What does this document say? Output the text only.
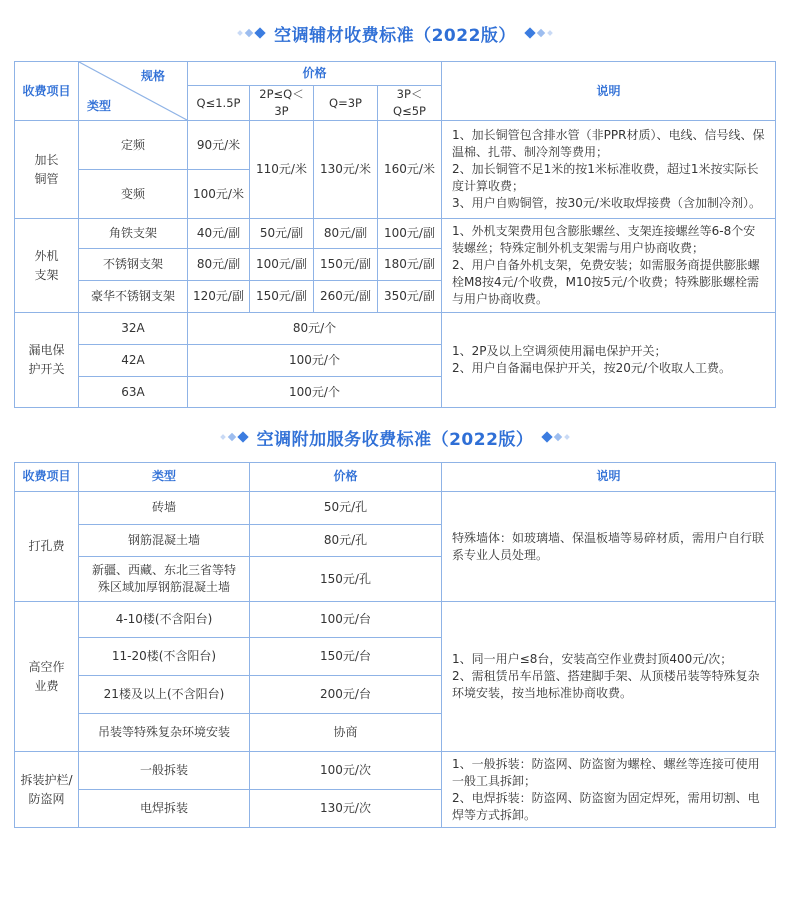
空调辅材收费标准（2022版）
收费项目	规格
类型	价格				说明
		Q≤1.5P	2P≤Q＜3P	Q=3P	3P＜Q≤5P	
加长
铜管	定频	90元/米	110元/米	130元/米	160元/米	1、加长铜管包含排水管（非PPR材质）、电线、信号线、保温棉、扎带、制冷剂等费用；
2、加长铜管不足1米的按1米标准收费，超过1米按实际长度计算收费；
3、用户自购铜管，按30元/米收取焊接费（含加制冷剂）。
	变频	100元/米				
外机
支架	角铁支架	40元/副	50元/副	80元/副	100元/副	1、外机支架费用包含膨胀螺丝、支架连接螺丝等6-8个安装螺丝；特殊定制外机支架需与用户协商收费；
2、用户自备外机支架，免费安装；如需服务商提供膨胀螺栓M8按4元/个收费，M10按5元/个收费；特殊膨胀螺栓需与用户协商收费。
	不锈钢支架	80元/副	100元/副	150元/副	180元/副	
	豪华不锈钢支架	120元/副	150元/副	260元/副	350元/副	
漏电保
护开关	32A	80元/个				1、2P及以上空调须使用漏电保护开关；
2、用户自备漏电保护开关，按20元/个收取人工费。
	42A	100元/个				
	63A	100元/个				
空调附加服务收费标准（2022版）
收费项目	类型	价格	说明
打孔费	砖墙	50元/孔	特殊墙体：如玻璃墙、保温板墙等易碎材质，需用户自行联系专业人员处理。
	钢筋混凝土墙	80元/孔	
	新疆、西藏、东北三省等特
殊区域加厚钢筋混凝土墙	150元/孔	
高空作
业费	4-10楼(不含阳台)	100元/台	1、同一用户≤8台，安装高空作业费封顶400元/次；
2、需租赁吊车吊篮、搭建脚手架、从顶楼吊装等特殊复杂环境安装，按当地标准协商收费。
	11-20楼(不含阳台)	150元/台	
	21楼及以上(不含阳台)	200元/台	
	吊装等特殊复杂环境安装	协商	
拆装护栏/
防盗网	一般拆装	100元/次	1、一般拆装：防盗网、防盗窗为螺栓、螺丝等连接可使用一般工具拆卸；
2、电焊拆装：防盗网、防盗窗为固定焊死，需用切割、电焊等方式拆卸。
	电焊拆装	130元/次	
